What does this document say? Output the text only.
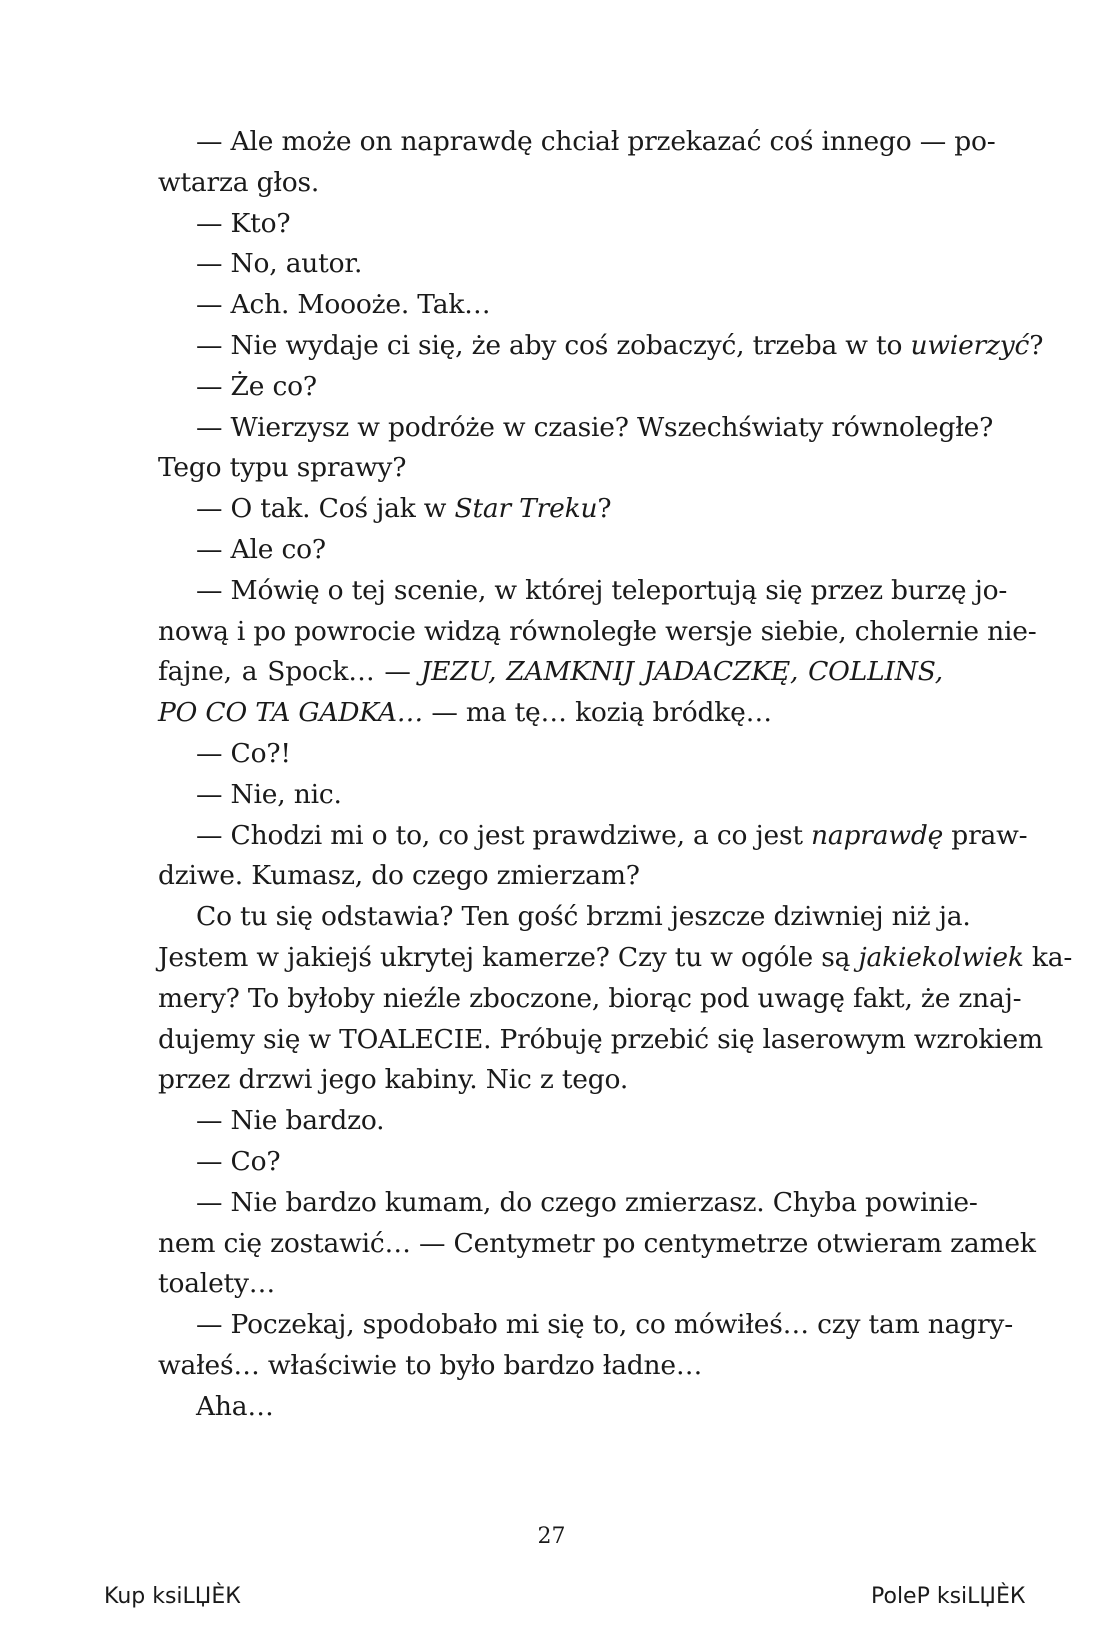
— Ale może on naprawdę chciał przekazać coś innego — po-
wtarza głos.
— Kto?
— No, autor.
— Ach. Moooże. Tak…
— Nie wydaje ci się, że aby coś zobaczyć, trzeba w to uwierzyć?
— Że co?
— Wierzysz w podróże w czasie? Wszechświaty równoległe?
Tego typu sprawy?
— O tak. Coś jak w Star Treku?
— Ale co?
— Mówię o tej scenie, w której teleportują się przez burzę jo-
nową i po powrocie widzą równoległe wersje siebie, cholernie nie-
fajne, a Spock… — JEZU, ZAMKNIJ JADACZKĘ, COLLINS,
PO CO TA GADKA… — ma tę… kozią bródkę…
— Co?!
— Nie, nic.
— Chodzi mi o to, co jest prawdziwe, a co jest naprawdę praw-
dziwe. Kumasz, do czego zmierzam?
Co tu się odstawia? Ten gość brzmi jeszcze dziwniej niż ja.
Jestem w jakiejś ukrytej kamerze? Czy tu w ogóle są jakiekolwiek ka-
mery? To byłoby nieźle zboczone, biorąc pod uwagę fakt, że znaj-
dujemy się w TOALECIE. Próbuję przebić się laserowym wzrokiem
przez drzwi jego kabiny. Nic z tego.
— Nie bardzo.
— Co?
— Nie bardzo kumam, do czego zmierzasz. Chyba powinie-
nem cię zostawić… — Centymetr po centymetrze otwieram zamek
toalety…
— Poczekaj, spodobało mi się to, co mówiłeś… czy tam nagry-
wałeś… właściwie to było bardzo ładne…
Aha…
27
Kup ksiLЏЀК	PoleP ksiLЏЀК
